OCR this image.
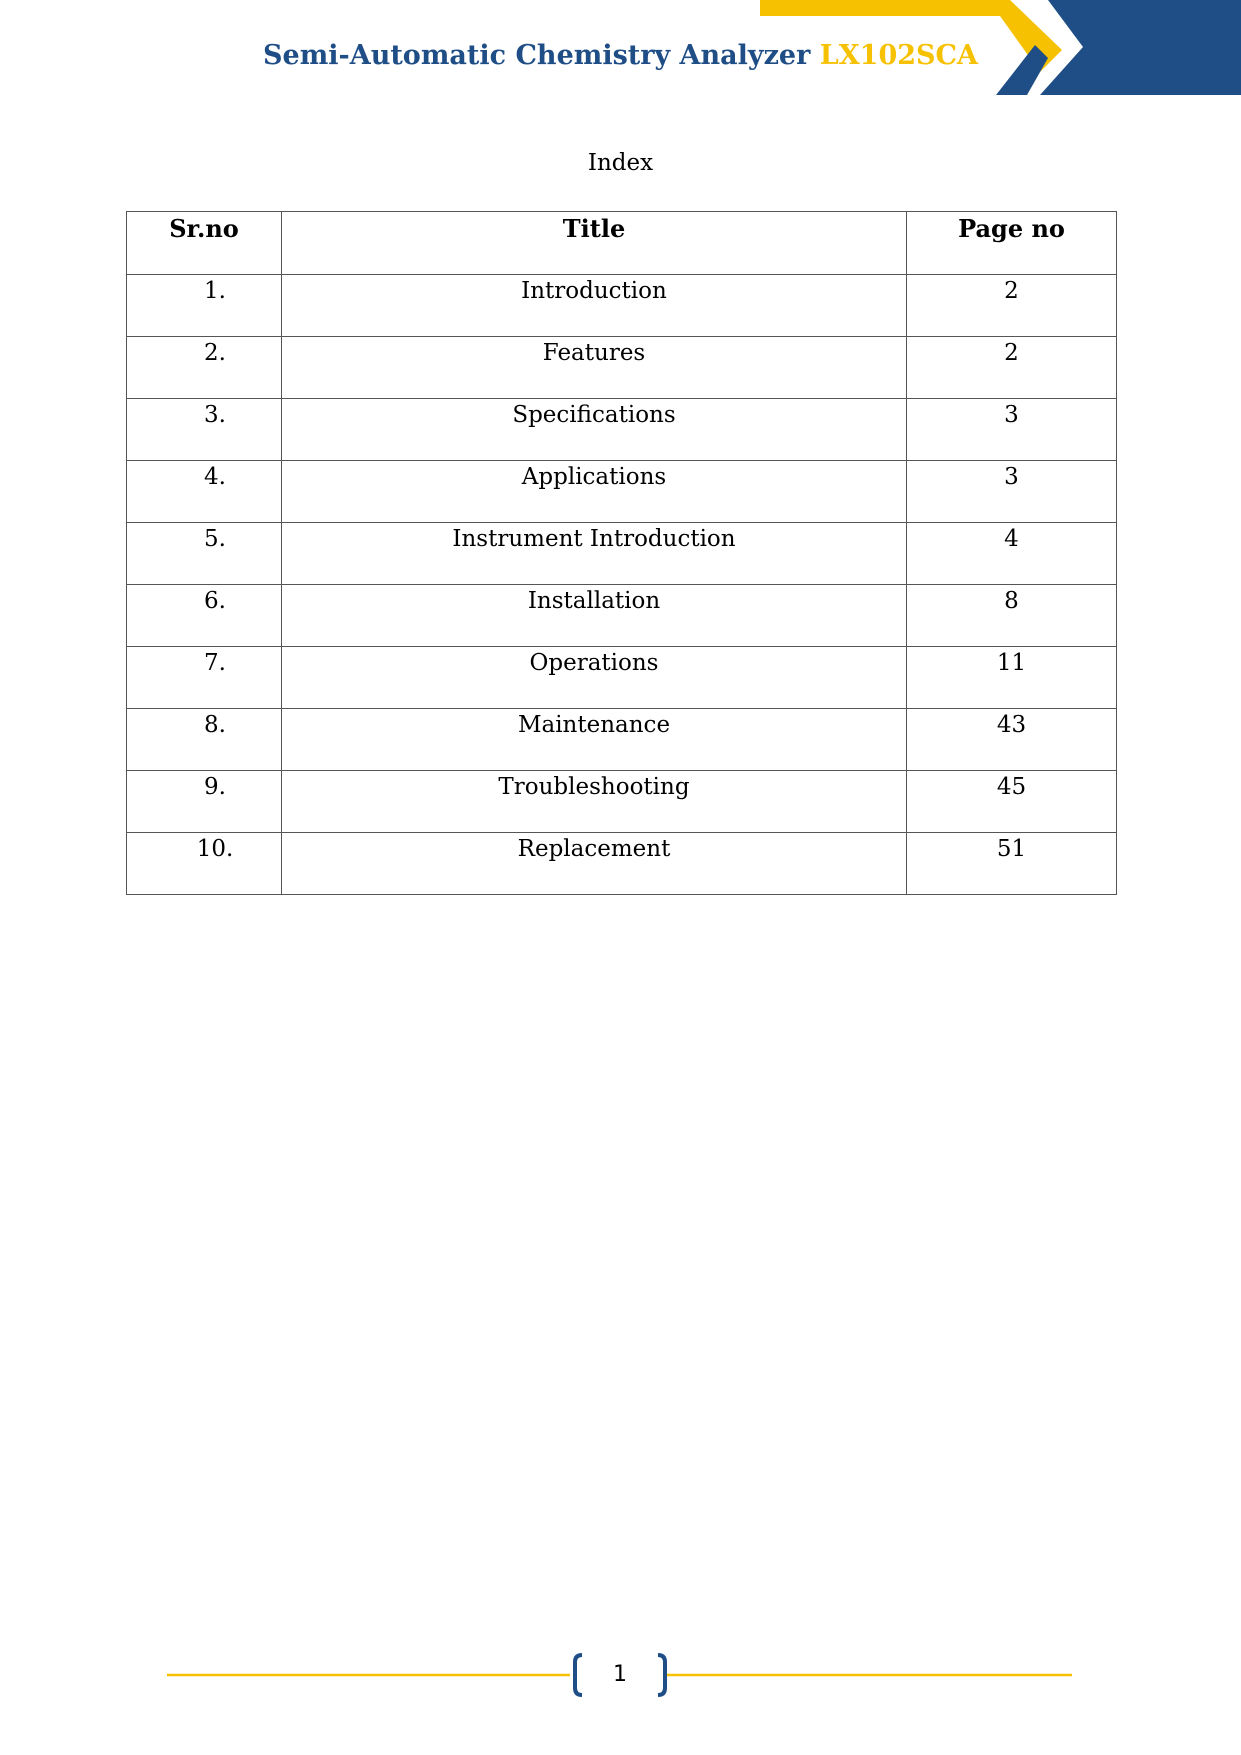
Semi-Automatic Chemistry Analyzer LX102SCA
Index
Sr.no	Title	Page no
1.	Introduction	2
2.	Features	2
3.	Specifications	3
4.	Applications	3
5.	Instrument Introduction	4
6.	Installation	8
7.	Operations	11
8.	Maintenance	43
9.	Troubleshooting	45
10.	Replacement	51
1
